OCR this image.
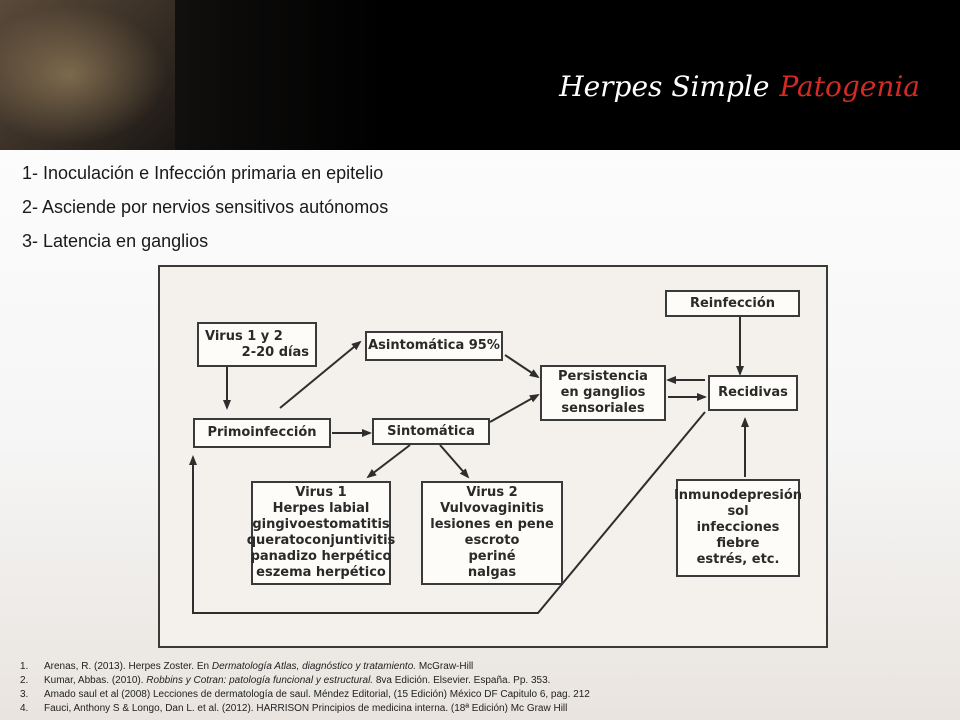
Herpes Simple Patogenia
1- Inoculación e Infección primaria en epitelio
2- Asciende por nervios sensitivos autónomos
3- Latencia en ganglios
Virus 1 y 2
2-20 días	Asintomática 95%
Persistencia
en ganglios
sensoriales
Reinfección
Recidivas
Primoinfección	Sintomática
Virus 1
Herpes labial
gingivoestomatitis
queratoconjuntivitis
panadizo herpético
eszema herpético
Virus 2
Vulvovaginitis
lesiones en pene
escroto
periné
nalgas
Inmunodepresión
sol
infecciones
fiebre
estrés, etc.
1.	Arenas, R. (2013). Herpes Zoster. En Dermatología Atlas, diagnóstico y tratamiento. McGraw-Hill
2.	Kumar, Abbas. (2010). Robbins y Cotran: patología funcional y estructural. 8va Edición. Elsevier. España. Pp. 353.
3.	Amado saul et al (2008) Lecciones de dermatología de saul. Méndez Editorial, (15 Edición) México DF Capitulo 6, pag. 212
4.	Fauci, Anthony S & Longo, Dan L. et al. (2012). HARRISON Principios de medicina interna. (18ª Edición) Mc Graw Hill
